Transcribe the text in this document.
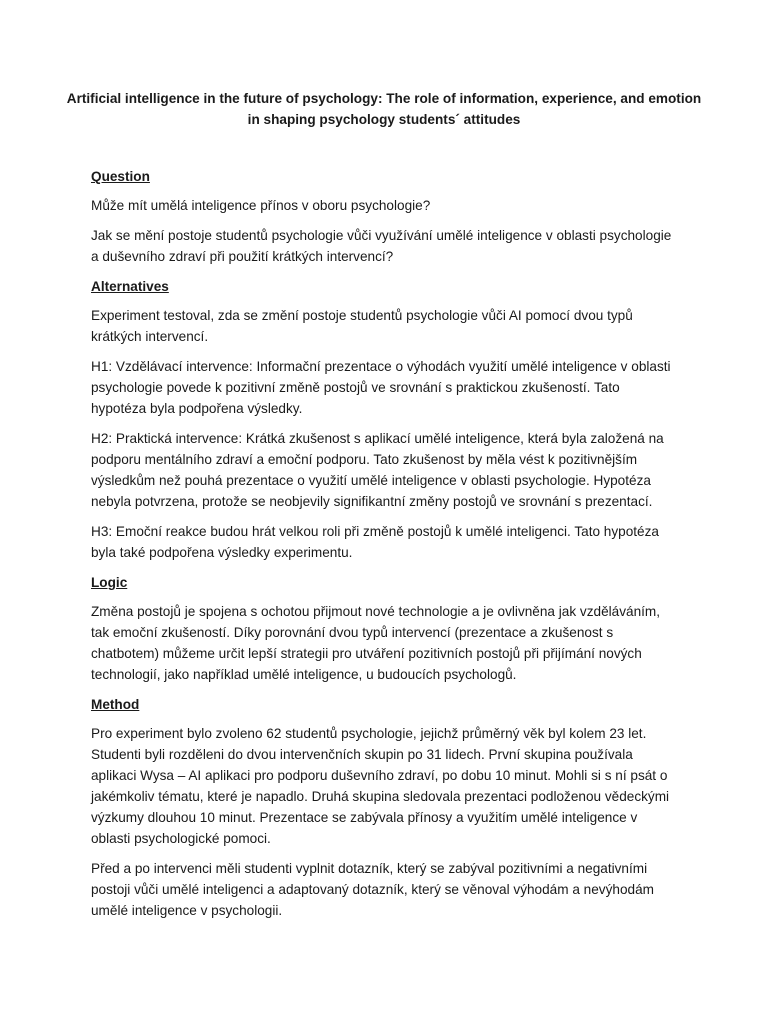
Artificial intelligence in the future of psychology: The role of information, experience, and emotion in shaping psychology students´ attitudes
Question

Může mít umělá inteligence přínos v oboru psychologie?

Jak se mění postoje studentů psychologie vůči využívání umělé inteligence v oblasti psychologie a duševního zdraví při použití krátkých intervencí?

Alternatives

Experiment testoval, zda se změní postoje studentů psychologie vůči AI pomocí dvou typů krátkých intervencí.

H1: Vzdělávací intervence: Informační prezentace o výhodách využití umělé inteligence v oblasti psychologie povede k pozitivní změně postojů ve srovnání s praktickou zkušeností. Tato hypotéza byla podpořena výsledky.

H2: Praktická intervence: Krátká zkušenost s aplikací umělé inteligence, která byla založená na podporu mentálního zdraví a emoční podporu. Tato zkušenost by měla vést k pozitivnějším výsledkům než pouhá prezentace o využití umělé inteligence v oblasti psychologie. Hypotéza nebyla potvrzena, protože se neobjevily signifikantní změny postojů ve srovnání s prezentací.

H3: Emoční reakce budou hrát velkou roli při změně postojů k umělé inteligenci. Tato hypotéza byla také podpořena výsledky experimentu.

Logic

Změna postojů je spojena s ochotou přijmout nové technologie a je ovlivněna jak vzděláváním, tak emoční zkušeností. Díky porovnání dvou typů intervencí (prezentace a zkušenost s chatbotem) můžeme určit lepší strategii pro utváření pozitivních postojů při přijímání nových technologií, jako například umělé inteligence, u budoucích psychologů.

Method

Pro experiment bylo zvoleno 62 studentů psychologie, jejichž průměrný věk byl kolem 23 let. Studenti byli rozděleni do dvou intervenčních skupin po 31 lidech. První skupina používala aplikaci Wysa – AI aplikaci pro podporu duševního zdraví, po dobu 10 minut. Mohli si s ní psát o jakémkoliv tématu, které je napadlo. Druhá skupina sledovala prezentaci podloženou vědeckými výzkumy dlouhou 10 minut. Prezentace se zabývala přínosy a využitím umělé inteligence v oblasti psychologické pomoci.

Před a po intervenci měli studenti vyplnit dotazník, který se zabýval pozitivními a negativními postoji vůči umělé inteligenci a adaptovaný dotazník, který se věnoval výhodám a nevýhodám umělé inteligence v psychologii.
